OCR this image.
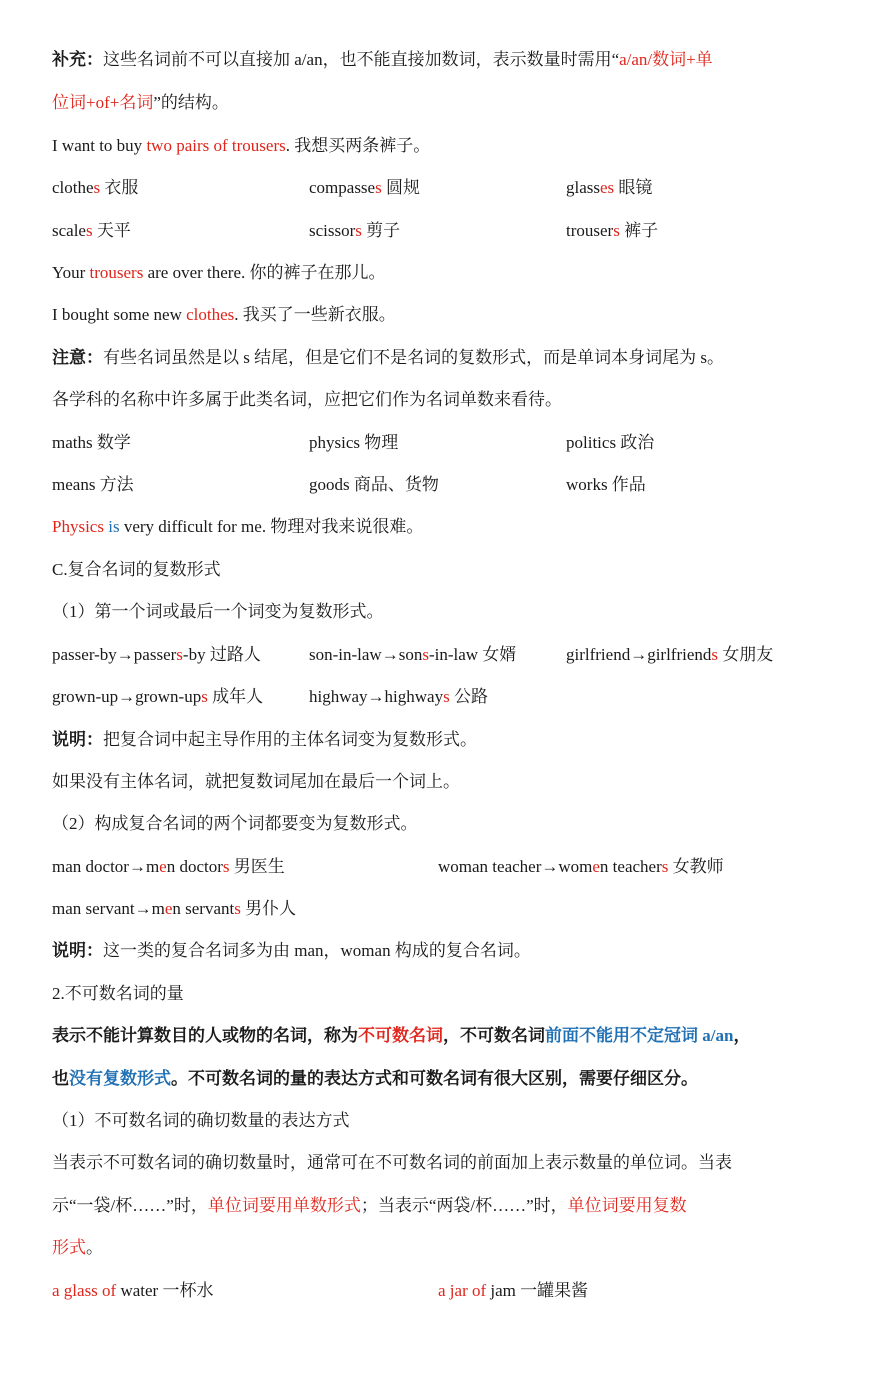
补充：这些名词前不可以直接加 a/an，也不能直接加数词，表示数量时需用“a/an/数词+单
位词+of+名词”的结构。
I want to buy two pairs of trousers. 我想买两条裤子。
clothes 衣服	compasses 圆规	glasses 眼镜
scales 天平	scissors 剪子	trousers 裤子
Your trousers are over there. 你的裤子在那儿。
I bought some new clothes. 我买了一些新衣服。
注意：有些名词虽然是以 s 结尾，但是它们不是名词的复数形式，而是单词本身词尾为 s。
各学科的名称中许多属于此类名词，应把它们作为名词单数来看待。
maths 数学	physics 物理	politics 政治
means 方法	goods 商品、货物	works 作品
Physics is very difficult for me. 物理对我来说很难。
C.复合名词的复数形式
（1）第一个词或最后一个词变为复数形式。
passer-by→passers-by 过路人	son-in-law→sons-in-law 女婿	girlfriend→girlfriends 女朋友
grown-up→grown-ups 成年人	highway→highways 公路
说明：把复合词中起主导作用的主体名词变为复数形式。
如果没有主体名词，就把复数词尾加在最后一个词上。
（2）构成复合名词的两个词都要变为复数形式。
man doctor→men doctors 男医生	woman teacher→women teachers 女教师
man servant→men servants 男仆人
说明：这一类的复合名词多为由 man，woman 构成的复合名词。
2.不可数名词的量
表示不能计算数目的人或物的名词，称为不可数名词，不可数名词前面不能用不定冠词 a/an，
也没有复数形式。不可数名词的量的表达方式和可数名词有很大区别，需要仔细区分。
（1）不可数名词的确切数量的表达方式
当表示不可数名词的确切数量时，通常可在不可数名词的前面加上表示数量的单位词。当表
示“一袋/杯……”时，单位词要用单数形式；当表示“两袋/杯……”时，单位词要用复数
形式。
a glass of water 一杯水	a jar of jam 一罐果酱
